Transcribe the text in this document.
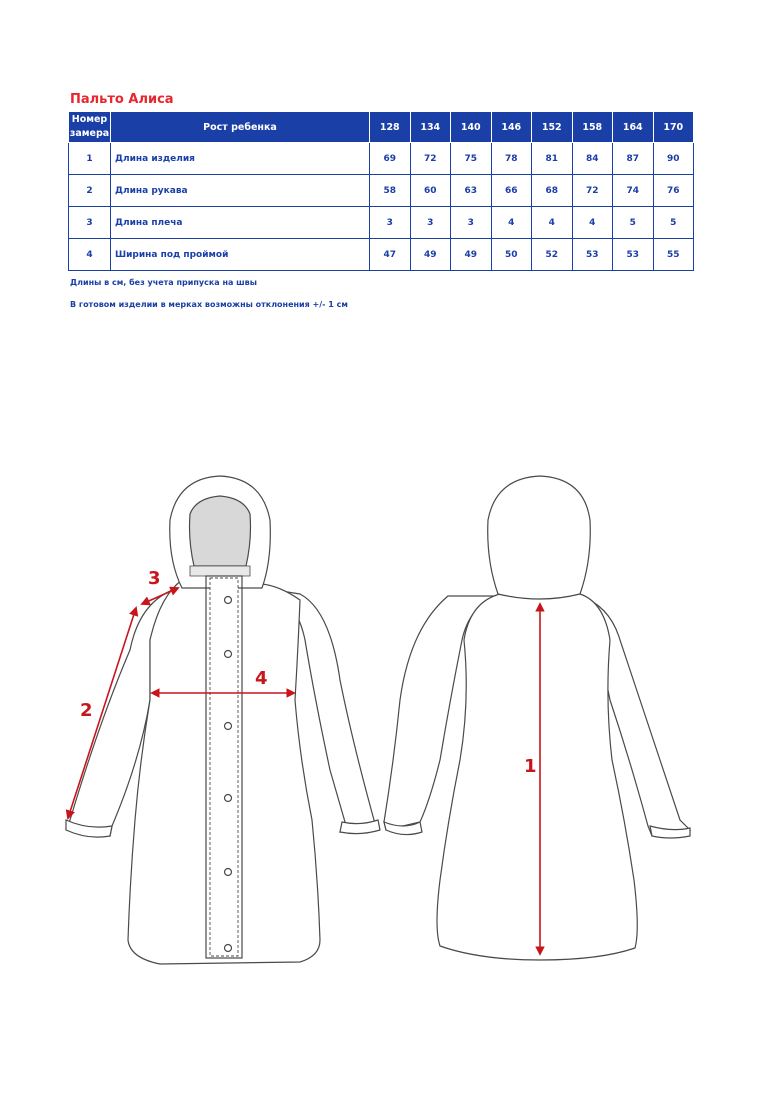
Пальто Алиса
Номер
замера	Рост ребенка	128	134	140	146	152	158	164	170
1	Длина изделия	69	72	75	78	81	84	87	90
2	Длина рукава	58	60	63	66	68	72	74	76
3	Длина плеча	3	3	3	4	4	4	5	5
4	Ширина под проймой	47	49	49	50	52	53	53	55
Длины в см, без учета припуска на швы
В готовом изделии в мерках возможны отклонения +/- 1 см
1
2
3
4
